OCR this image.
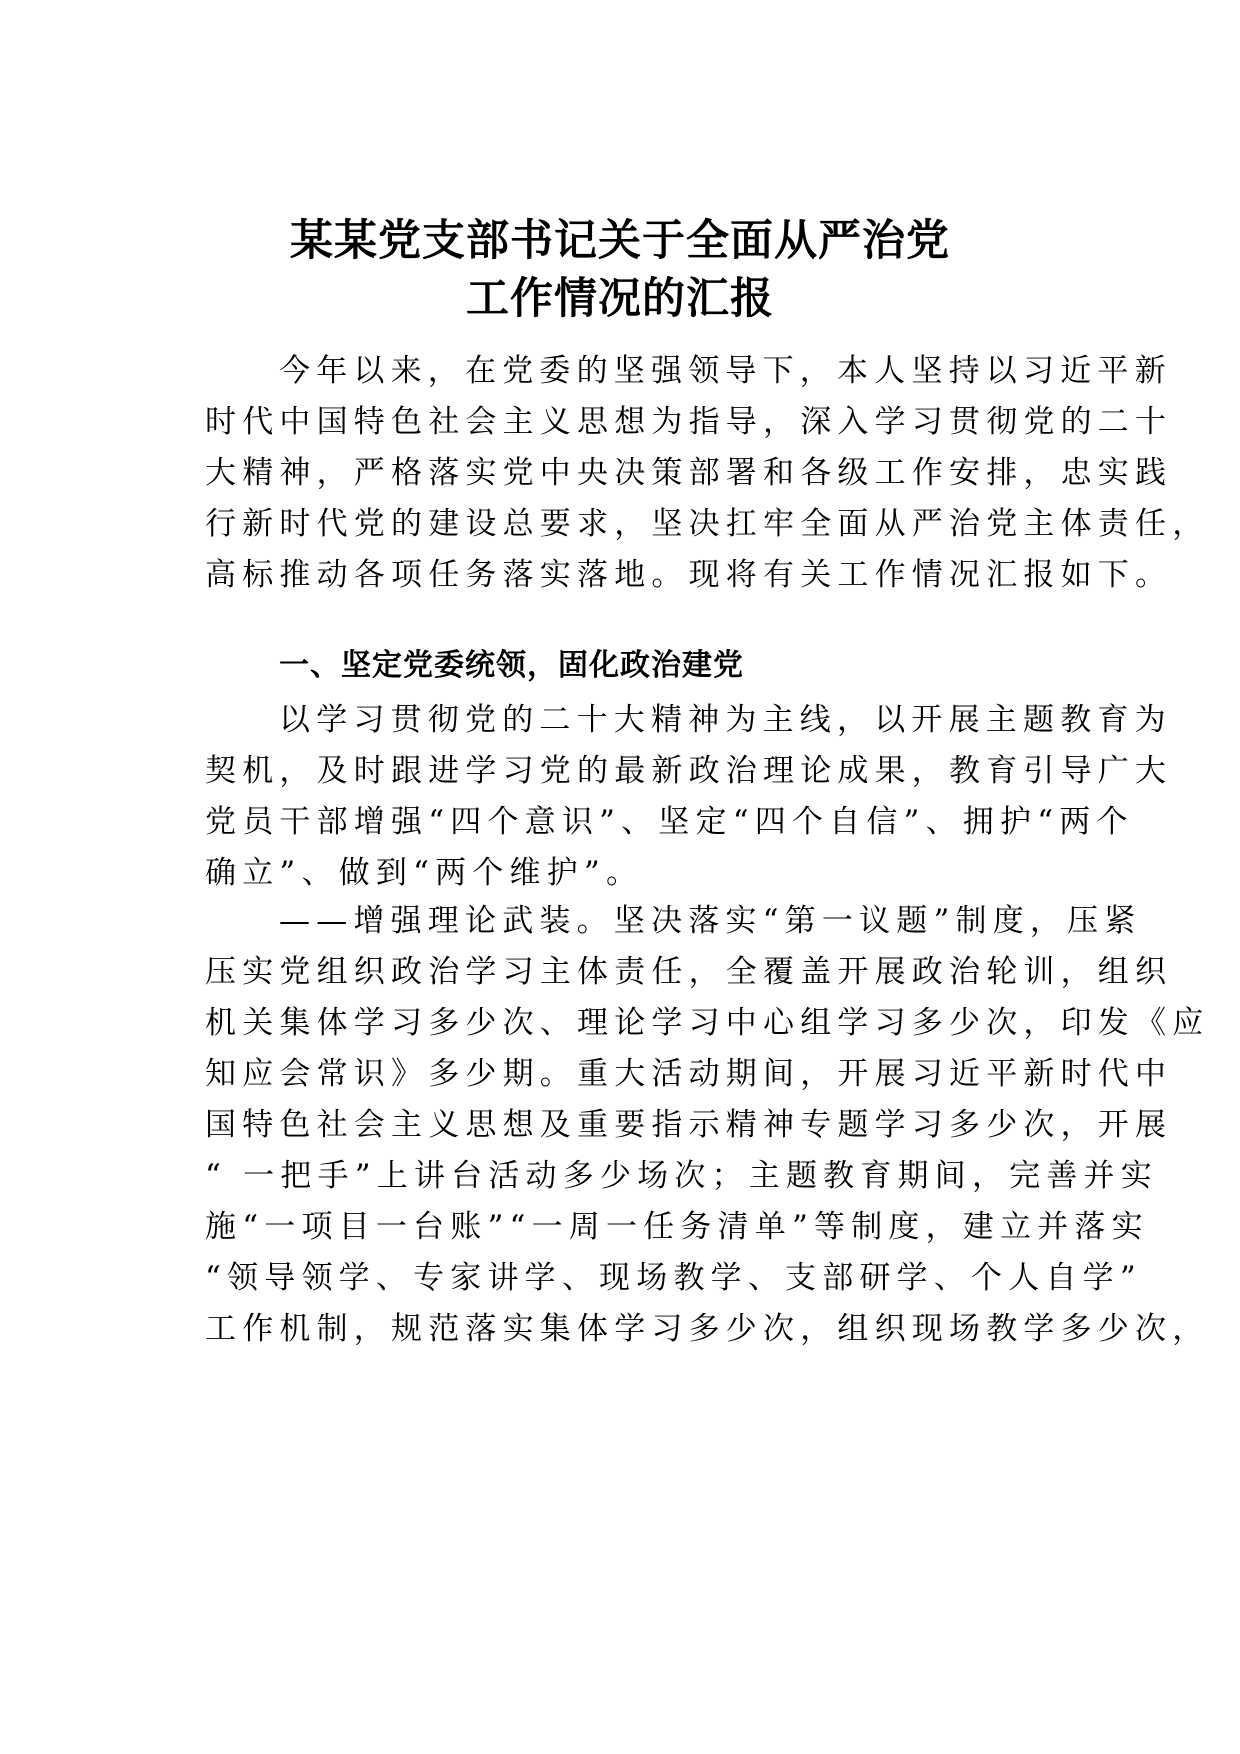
某某党支部书记关于全面从严治党
工作情况的汇报
今年以来，在党委的坚强领导下，本人坚持以习近平新
时代中国特色社会主义思想为指导，深入学习贯彻党的二十
大精神，严格落实党中央决策部署和各级工作安排，忠实践
行新时代党的建设总要求，坚决扛牢全面从严治党主体责任，
高标推动各项任务落实落地。现将有关工作情况汇报如下。
一、坚定党委统领，固化政治建党
以学习贯彻党的二十大精神为主线，以开展主题教育为
契机，及时跟进学习党的最新政治理论成果，教育引导广大
党员干部增强“四个意识”、坚定“四个自信”、拥护“两个
确立”、做到“两个维护”。
——增强理论武装。坚决落实“第一议题”制度，压紧
压实党组织政治学习主体责任，全覆盖开展政治轮训，组织
机关集体学习多少次、理论学习中心组学习多少次，印发《应
知应会常识》多少期。重大活动期间，开展习近平新时代中
国特色社会主义思想及重要指示精神专题学习多少次，开展
“ 一把手”上讲台活动多少场次；主题教育期间，完善并实
施“一项目一台账”“一周一任务清单”等制度，建立并落实
“领导领学、专家讲学、现场教学、支部研学、个人自学”
工作机制，规范落实集体学习多少次，组织现场教学多少次，
